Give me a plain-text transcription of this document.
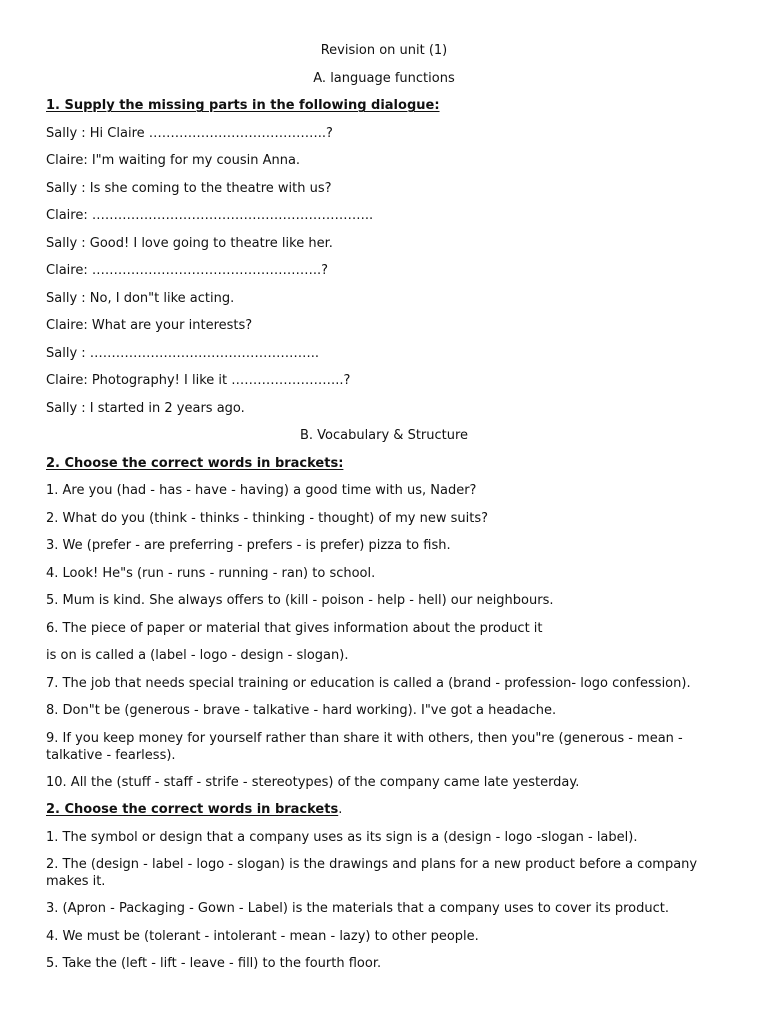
Revision on unit (1)
A. language functions
1. Supply the missing parts in the following dialogue:
Sally : Hi Claire …………………………………..?
Claire: I"m waiting for my cousin Anna.
Sally : Is she coming to the theatre with us?
Claire: ………………………………………………………..
Sally : Good! I love going to theatre like her.
Claire: ……………………………………………..?
Sally : No, I don"t like acting.
Claire: What are your interests?
Sally : ……………………………………………..
Claire: Photography! I like it ……………………..?
Sally : I started in 2 years ago.
B. Vocabulary & Structure
2. Choose the correct words in brackets:
1. Are you (had - has - have - having) a good time with us, Nader?
2. What do you (think - thinks - thinking - thought) of my new suits?
3. We (prefer - are preferring - prefers - is prefer) pizza to fish.
4. Look! He"s (run - runs - running - ran) to school.
5. Mum is kind. She always offers to (kill - poison - help - hell) our neighbours.
6. The piece of paper or material that gives information about the product it
is on is called a (label - logo - design - slogan).
7. The job that needs special training or education is called a (brand - profession- logo confession).
8. Don"t be (generous - brave - talkative - hard working). I"ve got a headache.
9. If you keep money for yourself rather than share it with others, then you"re (generous - mean - talkative - fearless).
10. All the (stuff - staff - strife - stereotypes) of the company came late yesterday.
2. Choose the correct words in brackets.
1. The symbol or design that a company uses as its sign is a (design - logo -slogan - label).
2. The (design - label - logo - slogan) is the drawings and plans for a new product before a company makes it.
3. (Apron - Packaging - Gown - Label) is the materials that a company uses to cover its product.
4. We must be (tolerant - intolerant - mean - lazy) to other people.
5. Take the (left - lift - leave - fill) to the fourth floor.
